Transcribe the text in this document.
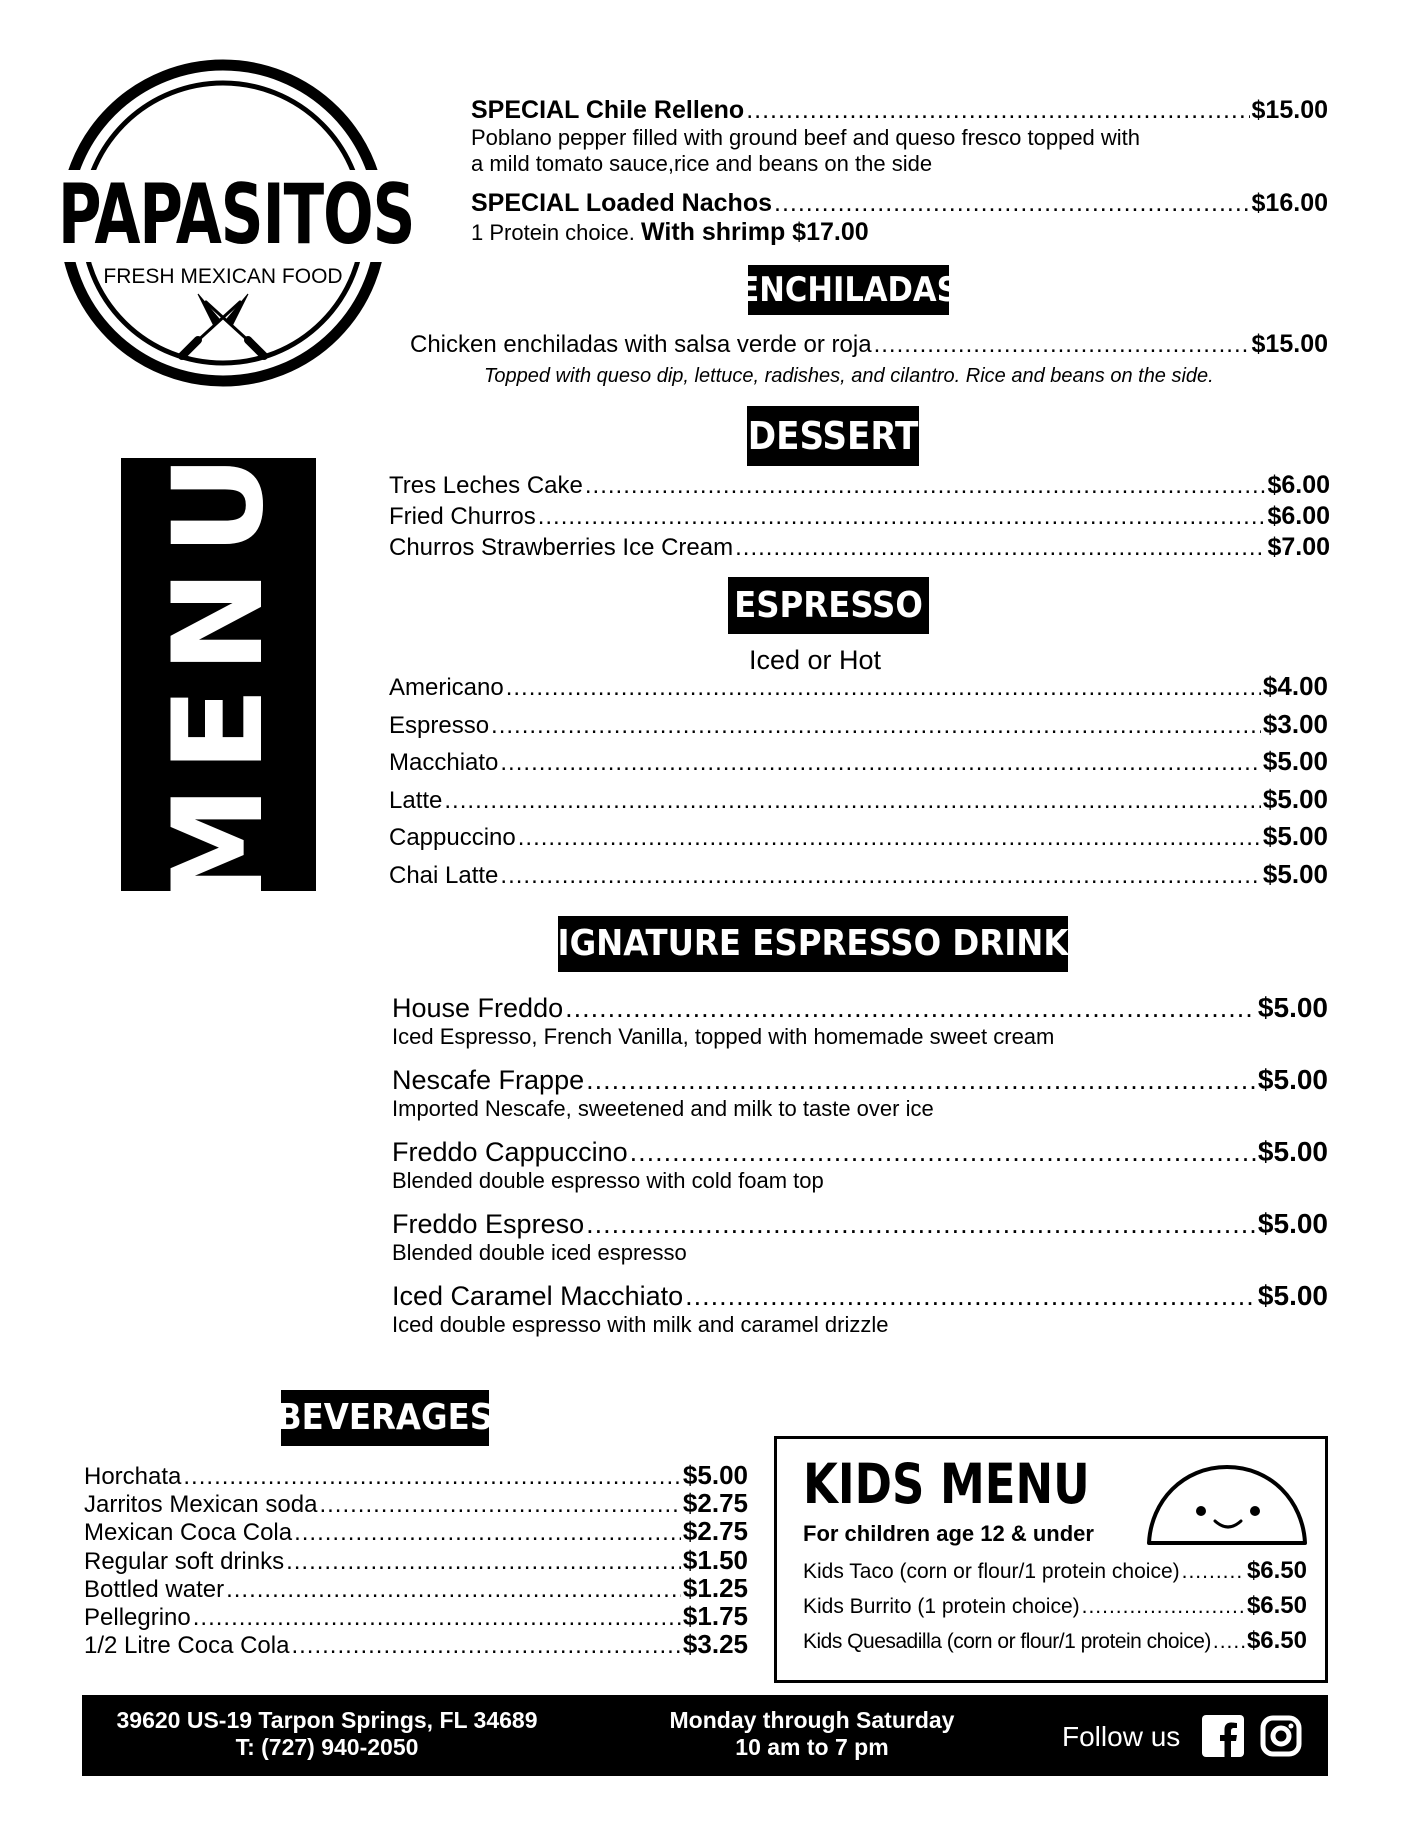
PAPASITOS
FRESH MEXICAN FOOD
MENU
SPECIAL Chile Relleno .....	$15.00
Poblano pepper filled with ground beef and queso fresco topped with
a mild tomato sauce,rice and beans on the side
SPECIAL Loaded Nachos .....	$16.00
1 Protein choice. With shrimp $17.00
ENCHILADAS
Chicken enchiladas with salsa verde or roja .....	$15.00
Topped with queso dip, lettuce, radishes, and cilantro. Rice and beans on the side.
DESSERT
Tres Leches Cake .....	$6.00
Fried Churros .....	$6.00
Churros Strawberries Ice Cream .....	$7.00
ESPRESSO
Iced or Hot
Americano .....	$4.00
Espresso .....	$3.00
Macchiato .....	$5.00
Latte .....	$5.00
Cappuccino .....	$5.00
Chai Latte .....	$5.00
SIGNATURE ESPRESSO DRINKS
House Freddo .....	$5.00
Iced Espresso, French Vanilla, topped with homemade sweet cream
Nescafe Frappe .....	$5.00
Imported Nescafe, sweetened and milk to taste over ice
Freddo Cappuccino .....	$5.00
Blended double espresso with cold foam top
Freddo Espreso .....	$5.00
Blended double iced espresso
Iced Caramel Macchiato .....	$5.00
Iced double espresso with milk and caramel drizzle
BEVERAGES
Horchata .....	$5.00
Jarritos Mexican soda .....	$2.75
Mexican Coca Cola .....	$2.75
Regular soft drinks .....	$1.50
Bottled water .....	$1.25
Pellegrino .....	$1.75
1/2 Litre Coca Cola .....	$3.25
KIDS MENU
For children age 12 & under
Kids Taco (corn or flour/1 protein choice) .....	$6.50
Kids Burrito (1 protein choice) .....	$6.50
Kids Quesadilla (corn or flour/1 protein choice) ..... $6.50
39620 US-19 Tarpon Springs, FL 34689
T: (727) 940-2050
Monday through Saturday
10 am to 7 pm	Follow us
